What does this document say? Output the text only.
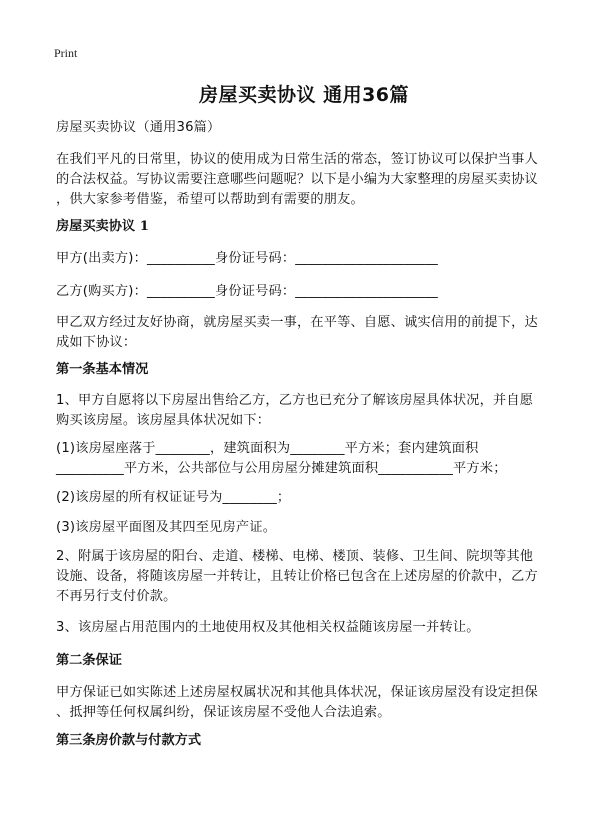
Print
房屋买卖协议 通用36篇
房屋买卖协议（通用36篇）
在我们平凡的日常里，协议的使用成为日常生活的常态，签订协议可以保护当事人
的合法权益。写协议需要注意哪些问题呢？以下是小编为大家整理的房屋买卖协议
，供大家参考借鉴，希望可以帮助到有需要的朋友。
房屋买卖协议 1
甲方(出卖方)：__________身份证号码：_____________________
乙方(购买方)：__________身份证号码：_____________________
甲乙双方经过友好协商，就房屋买卖一事，在平等、自愿、诚实信用的前提下，达
成如下协议：
第一条基本情况
1、甲方自愿将以下房屋出售给乙方，乙方也已充分了解该房屋具体状况，并自愿
购买该房屋。该房屋具体状况如下：
(1)该房屋座落于________，建筑面积为________平方米；套内建筑面积
__________平方米，公共部位与公用房屋分摊建筑面积___________平方米；
(2)该房屋的所有权证证号为________；
(3)该房屋平面图及其四至见房产证。
2、附属于该房屋的阳台、走道、楼梯、电梯、楼顶、装修、卫生间、院坝等其他
设施、设备，将随该房屋一并转让，且转让价格已包含在上述房屋的价款中，乙方
不再另行支付价款。
3、该房屋占用范围内的土地使用权及其他相关权益随该房屋一并转让。
第二条保证
甲方保证已如实陈述上述房屋权属状况和其他具体状况，保证该房屋没有设定担保
、抵押等任何权属纠纷，保证该房屋不受他人合法追索。
第三条房价款与付款方式
